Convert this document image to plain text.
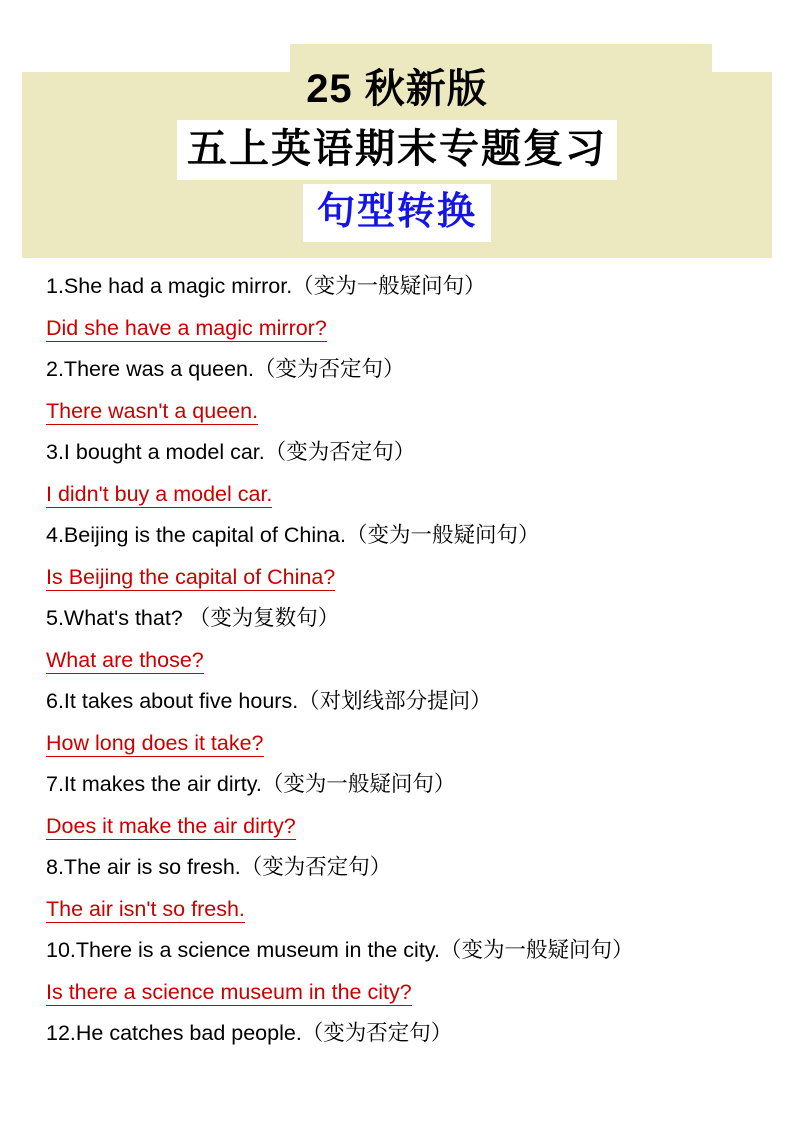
25 秋新版
五上英语期末专题复习
句型转换
1.She had a magic mirror.（变为一般疑问句）
Did she have a magic mirror?
2.There was a queen.（变为否定句）
There wasn't a queen.
3.I bought a model car.（变为否定句）
I didn't buy a model car.
4.Beijing is the capital of China.（变为一般疑问句）
Is Beijing the capital of China?
5.What's that? （变为复数句）
What are those?
6.It takes about five hours.（对划线部分提问）
How long does it take?
7.It makes the air dirty.（变为一般疑问句）
Does it make the air dirty?
8.The air is so fresh.（变为否定句）
The air isn't so fresh.
10.There is a science museum in the city.（变为一般疑问句）
Is there a science museum in the city?
12.He catches bad people.（变为否定句）
